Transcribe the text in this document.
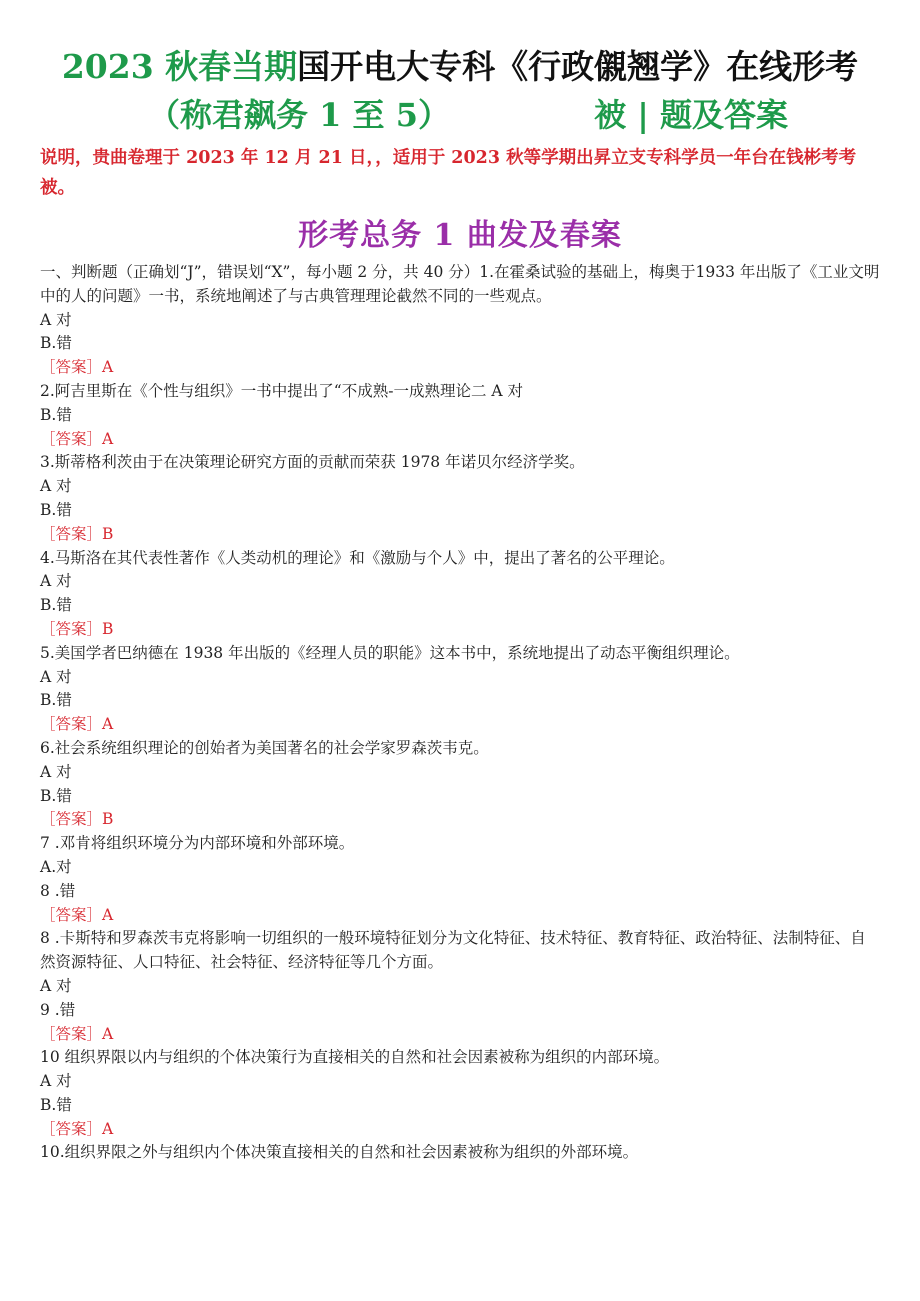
2023 秋春当期国开电大专科《行政儭翘学》在线形考
（称君飙务 1 至 5）	被 | 题及答案
说明，贵曲卷理于 2023 年 12 月 21 日，，适用于 2023 秋等学期出昇立支专科学员一年台在钱彬考考被。
形考总务 1 曲发及春案
一、判断题（正确划“J”，错误划“X”，每小题 2 分，共 40 分）1.在霍桑试验的基础上，梅奥于1933 年出版了《工业文明中的人的问题》一书，系统地阐述了与古典管理理论截然不同的一些观点。
A 对
B.错
［答案］A
2.阿吉里斯在《个性与组织》一书中提出了“不成熟-一成熟理论二 A 对
B.错
［答案］A
3.斯蒂格利茨由于在决策理论研究方面的贡献而荣获 1978 年诺贝尔经济学奖。
A 对
B.错
［答案］B
4.马斯洛在其代表性著作《人类动机的理论》和《激励与个人》中，提出了著名的公平理论。
A 对
B.错
［答案］B
5.美国学者巴纳德在 1938 年出版的《经理人员的职能》这本书中，系统地提出了动态平衡组织理论。
A 对
B.错
［答案］A
6.社会系统组织理论的创始者为美国著名的社会学家罗森茨韦克。
A 对
B.错
［答案］B
7 .邓肯将组织环境分为内部环境和外部环境。
A.对
8 .错
［答案］A
8 .卡斯特和罗森茨韦克将影响一切组织的一般环境特征划分为文化特征、技术特征、教育特征、政治特征、法制特征、自然资源特征、人口特征、社会特征、经济特征等几个方面。
A 对
9 .错
［答案］A
10 组织界限以内与组织的个体决策行为直接相关的自然和社会因素被称为组织的内部环境。
A 对
B.错
［答案］A
10.组织界限之外与组织内个体决策直接相关的自然和社会因素被称为组织的外部环境。
